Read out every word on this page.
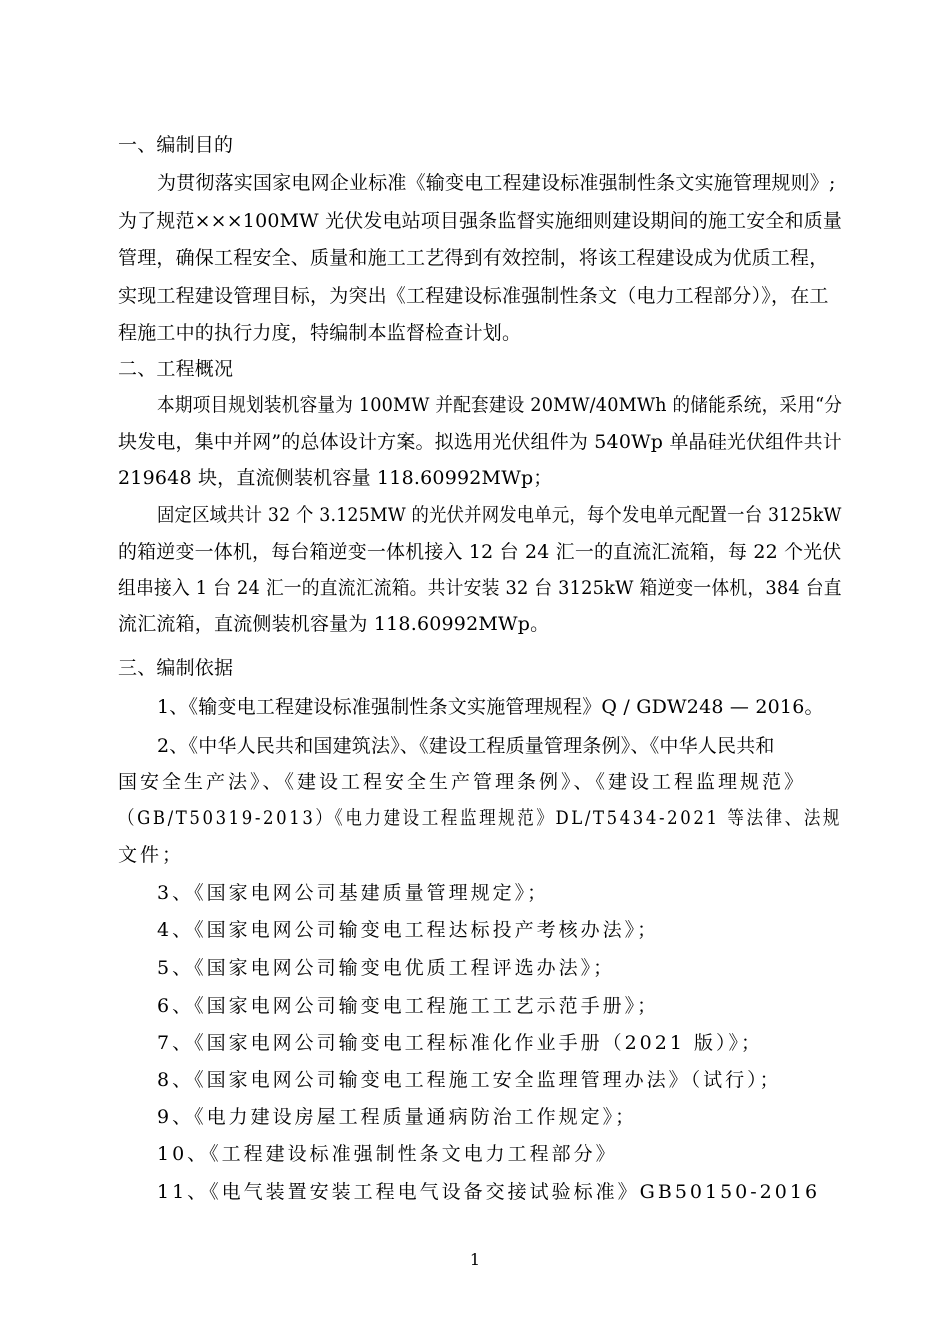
一、编制目的
为贯彻落实国家电网企业标准《输变电工程建设标准强制性条文实施管理规则》;
为了规范×××100MW 光伏发电站项目强条监督实施细则建设期间的施工安全和质量
管理，确保工程安全、质量和施工工艺得到有效控制，将该工程建设成为优质工程，
实现工程建设管理目标，为突出《工程建设标准强制性条文（电力工程部分）》，在工
程施工中的执行力度，特编制本监督检查计划。
二、工程概况
本期项目规划装机容量为 100MW 并配套建设 20MW/40MWh 的储能系统，采用“分
块发电，集中并网”的总体设计方案。拟选用光伏组件为 540Wp 单晶硅光伏组件共计
219648 块，直流侧装机容量 118.60992MWp；
固定区域共计 32 个 3.125MW 的光伏并网发电单元，每个发电单元配置一台 3125kW
的箱逆变一体机，每台箱逆变一体机接入 12 台 24 汇一的直流汇流箱，每 22 个光伏
组串接入 1 台 24 汇一的直流汇流箱。共计安装 32 台 3125kW 箱逆变一体机，384 台直
流汇流箱，直流侧装机容量为 118.60992MWp。
三、编制依据
1、《输变电工程建设标准强制性条文实施管理规程》Q / GDW248 — 2016。
2、《中华人民共和国建筑法》、《建设工程质量管理条例》、《中华人民共和
国安全生产法》、《建设工程安全生产管理条例》、《建设工程监理规范》
（GB/T50319-2013）《电力建设工程监理规范》DL/T5434-2021 等法律、法规
文件；
3、《国家电网公司基建质量管理规定》；
4、《国家电网公司输变电工程达标投产考核办法》；
5、《国家电网公司输变电优质工程评选办法》；
6、《国家电网公司输变电工程施工工艺示范手册》；
7、《国家电网公司输变电工程标准化作业手册（2021 版）》；
8、《国家电网公司输变电工程施工安全监理管理办法》（试行）；
9、《电力建设房屋工程质量通病防治工作规定》；
10、《工程建设标准强制性条文电力工程部分》
11、《电气装置安装工程电气设备交接试验标准》GB50150-2016
1
